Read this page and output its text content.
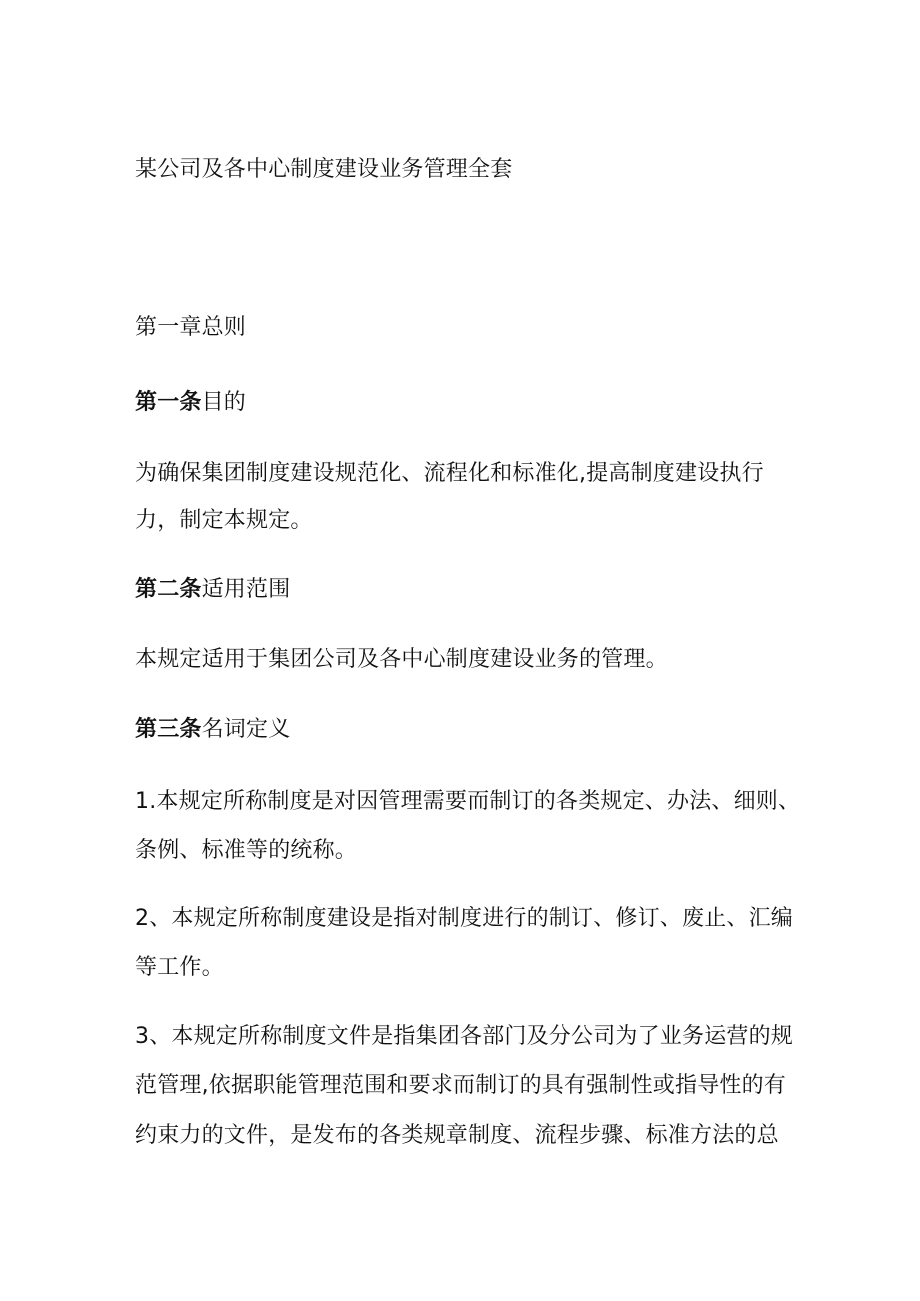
某公司及各中心制度建设业务管理全套
第一章总则
第一条目的
为确保集团制度建设规范化、流程化和标准化,提高制度建设执行
力，制定本规定。
第二条适用范围
本规定适用于集团公司及各中心制度建设业务的管理。
第三条名词定义
1.本规定所称制度是对因管理需要而制订的各类规定、办法、细则、
条例、标准等的统称。
2、本规定所称制度建设是指对制度进行的制订、修订、废止、汇编
等工作。
3、本规定所称制度文件是指集团各部门及分公司为了业务运营的规
范管理,依据职能管理范围和要求而制订的具有强制性或指导性的有
约束力的文件，是发布的各类规章制度、流程步骤、标准方法的总
